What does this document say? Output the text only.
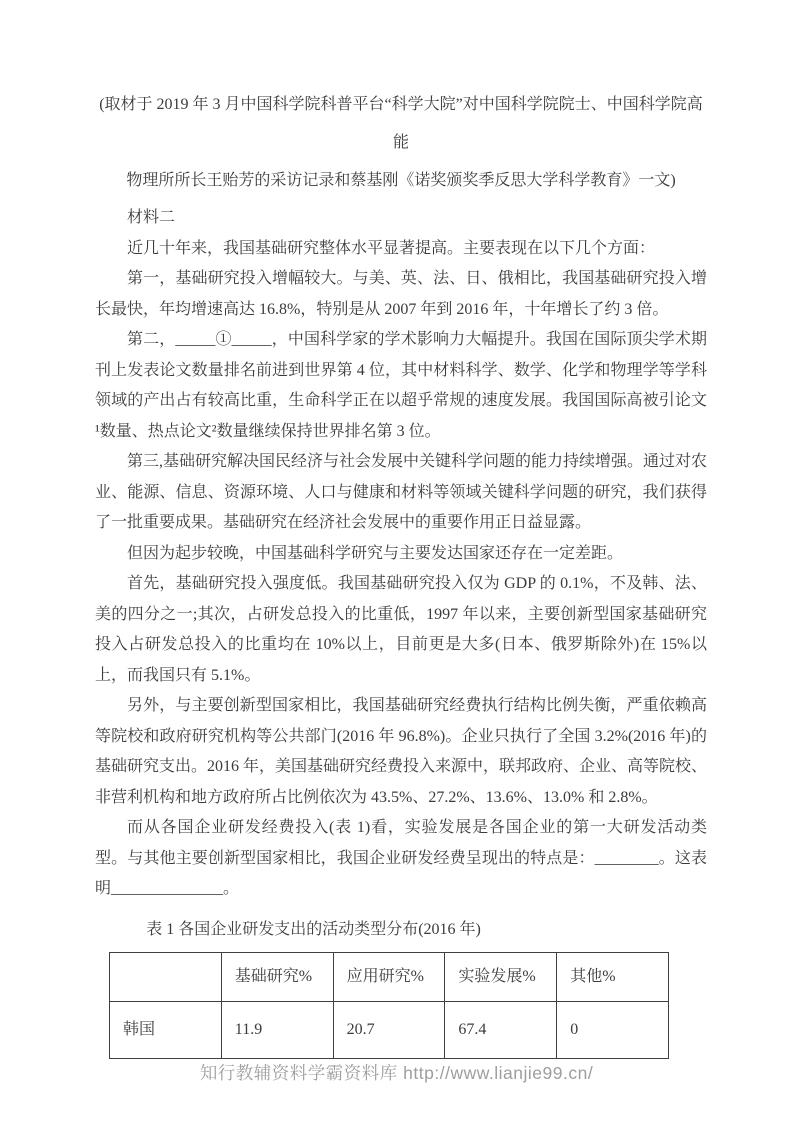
(取材于 2019 年 3 月中国科学院科普平台“科学大院”对中国科学院院士、中国科学院高能

物理所所长王贻芳的采访记录和蔡基刚《诺奖颁奖季反思大学科学教育》一文)

材料二

近几十年来，我国基础研究整体水平显著提高。主要表现在以下几个方面：

第一，基础研究投入增幅较大。与美、英、法、日、俄相比，我国基础研究投入增长最快，年均增速高达 16.8%，特别是从 2007 年到 2016 年，十年增长了约 3 倍。

第二，_____①_____，中国科学家的学术影响力大幅提升。我国在国际顶尖学术期刊上发表论文数量排名前进到世界第 4 位，其中材料科学、数学、化学和物理学等学科领域的产出占有较高比重，生命科学正在以超乎常规的速度发展。我国国际高被引论文¹数量、热点论文²数量继续保持世界排名第 3 位。

第三,基础研究解决国民经济与社会发展中关键科学问题的能力持续增强。通过对农业、能源、信息、资源环境、人口与健康和材料等领域关键科学问题的研究，我们获得了一批重要成果。基础研究在经济社会发展中的重要作用正日益显露。

但因为起步较晚，中国基础科学研究与主要发达国家还存在一定差距。

首先，基础研究投入强度低。我国基础研究投入仅为 GDP 的 0.1%，不及韩、法、美的四分之一;其次，占研发总投入的比重低，1997 年以来，主要创新型国家基础研究投入占研发总投入的比重均在 10%以上，目前更是大多(日本、俄罗斯除外)在 15%以上，而我国只有 5.1%。

另外，与主要创新型国家相比，我国基础研究经费执行结构比例失衡，严重依赖高等院校和政府研究机构等公共部门(2016 年 96.8%)。企业只执行了全国 3.2%(2016 年)的基础研究支出。2016 年，美国基础研究经费投入来源中，联邦政府、企业、高等院校、非营利机构和地方政府所占比例依次为 43.5%、27.2%、13.6%、13.0% 和 2.8%。

而从各国企业研发经费投入(表 1)看，实验发展是各国企业的第一大研发活动类型。与其他主要创新型国家相比，我国企业研发经费呈现出的特点是：________。这表明______________。

表 1 各国企业研发支出的活动类型分布(2016 年)

	基础研究%	应用研究%	实验发展%	其他%
韩国	11.9	20.7	67.4	0
知行教辅资料学霸资料库 http://www.lianjie99.cn/
